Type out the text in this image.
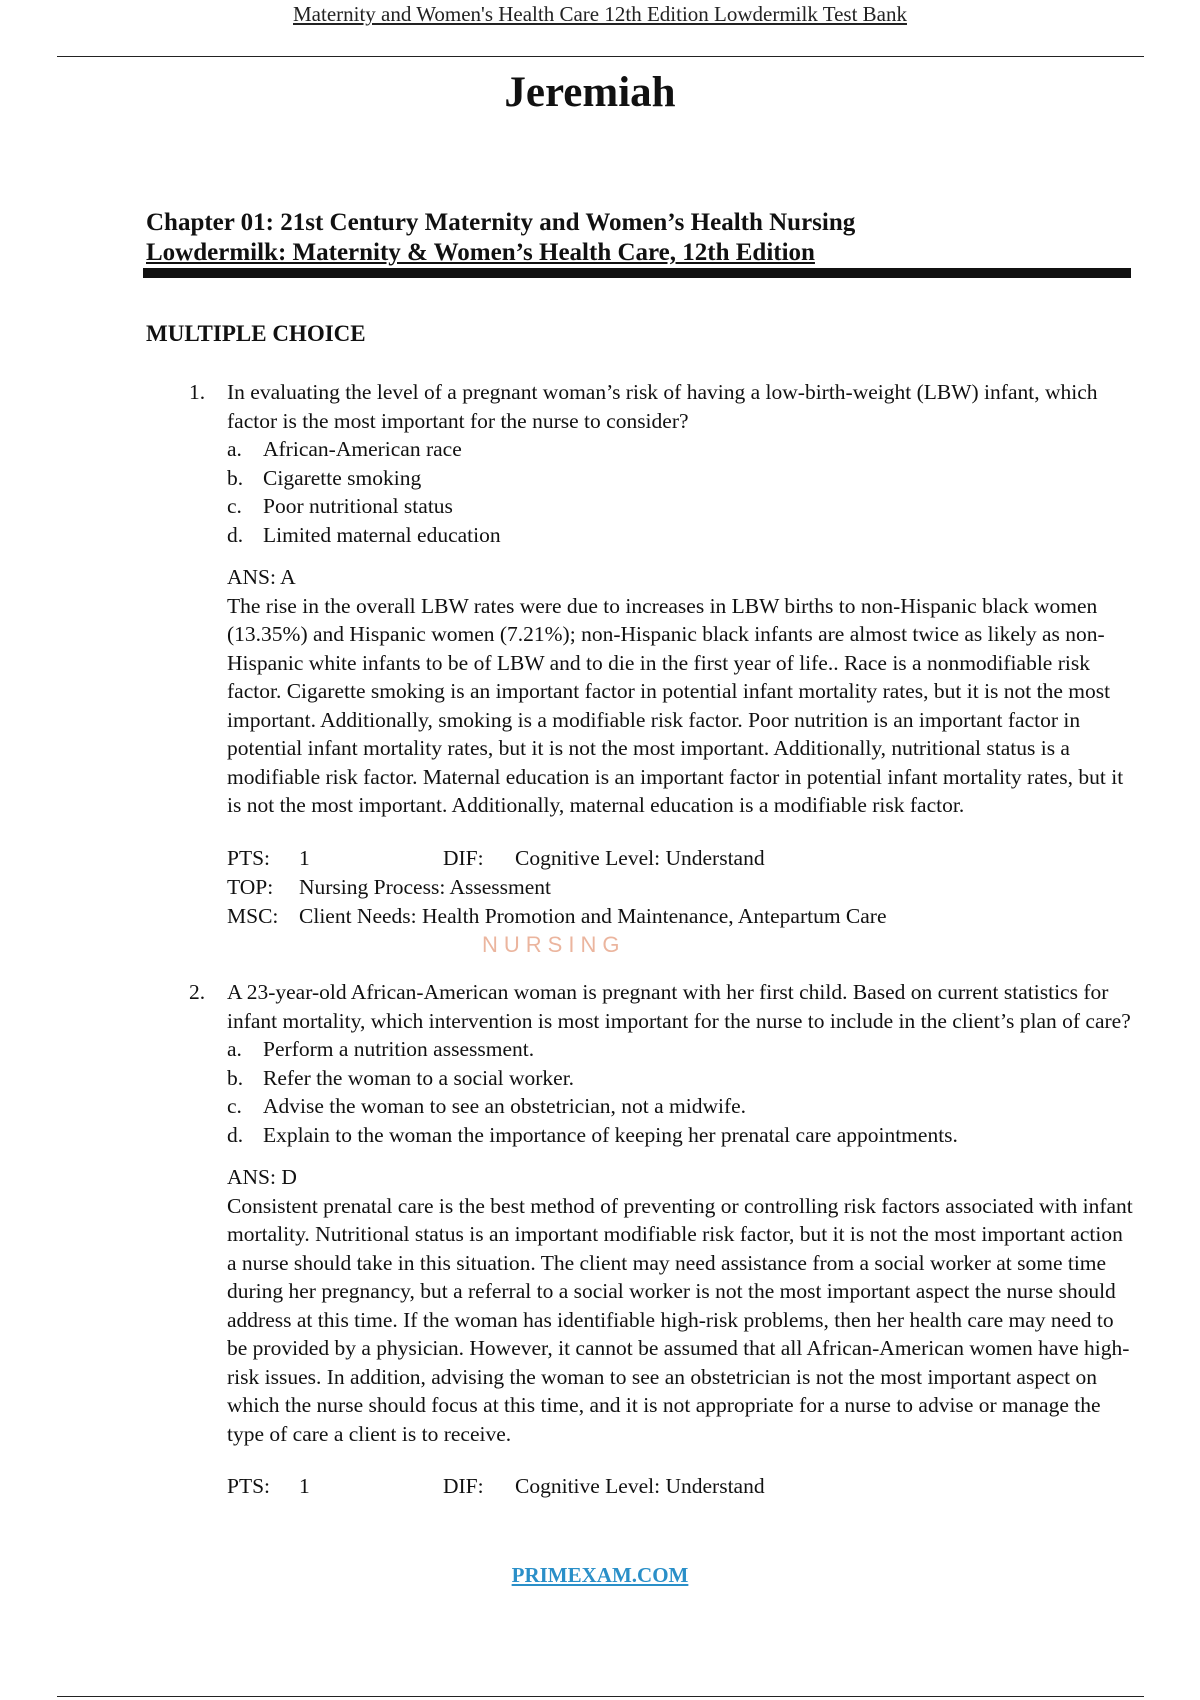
Maternity and Women's Health Care 12th Edition Lowdermilk Test Bank
Jeremiah
Chapter 01: 21st Century Maternity and Women’s Health Nursing
Lowdermilk: Maternity & Women’s Health Care, 12th Edition
MULTIPLE CHOICE
1. In evaluating the level of a pregnant woman’s risk of having a low-birth-weight (LBW) infant, which factor is the most important for the nurse to consider?
a. African-American race
b. Cigarette smoking
c. Poor nutritional status
d. Limited maternal education
ANS: A
The rise in the overall LBW rates were due to increases in LBW births to non-Hispanic black women (13.35%) and Hispanic women (7.21%); non-Hispanic black infants are almost twice as likely as non-Hispanic white infants to be of LBW and to die in the first year of life.. Race is a nonmodifiable risk factor. Cigarette smoking is an important factor in potential infant mortality rates, but it is not the most important. Additionally, smoking is a modifiable risk factor. Poor nutrition is an important factor in potential infant mortality rates, but it is not the most important. Additionally, nutritional status is a modifiable risk factor. Maternal education is an important factor in potential infant mortality rates, but it is not the most important. Additionally, maternal education is a modifiable risk factor.
PTS: 1	DIF: Cognitive Level: Understand
TOP: Nursing Process: Assessment
MSC: Client Needs: Health Promotion and Maintenance, Antepartum Care
NURSING
2. A 23-year-old African-American woman is pregnant with her first child. Based on current statistics for infant mortality, which intervention is most important for the nurse to include in the client’s plan of care?
a. Perform a nutrition assessment.
b. Refer the woman to a social worker.
c. Advise the woman to see an obstetrician, not a midwife.
d. Explain to the woman the importance of keeping her prenatal care appointments.
ANS: D
Consistent prenatal care is the best method of preventing or controlling risk factors associated with infant mortality. Nutritional status is an important modifiable risk factor, but it is not the most important action a nurse should take in this situation. The client may need assistance from a social worker at some time during her pregnancy, but a referral to a social worker is not the most important aspect the nurse should address at this time. If the woman has identifiable high-risk problems, then her health care may need to be provided by a physician. However, it cannot be assumed that all African-American women have high-risk issues. In addition, advising the woman to see an obstetrician is not the most important aspect on which the nurse should focus at this time, and it is not appropriate for a nurse to advise or manage the type of care a client is to receive.
PTS: 1	DIF: Cognitive Level: Understand
PRIMEXAM.COM
